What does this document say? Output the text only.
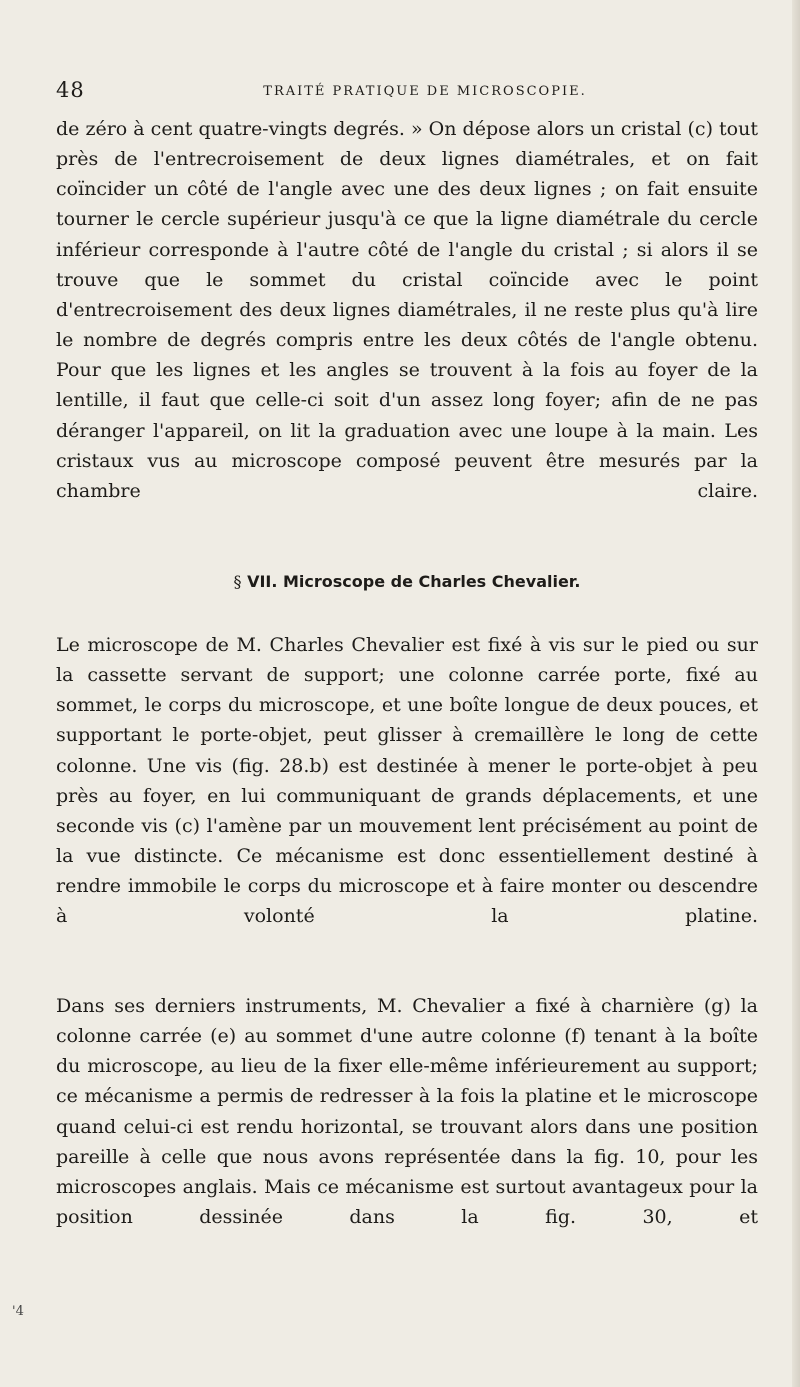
48	TRAITÉ PRATIQUE DE MICROSCOPIE.

de zéro à cent quatre-vingts degrés. » On dépose alors un cristal (c) tout près de l'entrecroisement de deux lignes diamétrales, et on fait coïncider un côté de l'angle avec une des deux lignes ; on fait ensuite tourner le cercle supérieur jusqu'à ce que la ligne diamétrale du cercle inférieur corresponde à l'autre côté de l'angle du cristal ; si alors il se trouve que le sommet du cristal coïncide avec le point d'entrecroisement des deux lignes diamétrales, il ne reste plus qu'à lire le nombre de degrés compris entre les deux côtés de l'angle obtenu. Pour que les lignes et les angles se trouvent à la fois au foyer de la lentille, il faut que celle-ci soit d'un assez long foyer; afin de ne pas déranger l'appareil, on lit la graduation avec une loupe à la main. Les cristaux vus au microscope composé peuvent être mesurés par la chambre claire.

§ VII. Microscope de Charles Chevalier.

Le microscope de M. Charles Chevalier est fixé à vis sur le pied ou sur la cassette servant de support; une colonne carrée porte, fixé au sommet, le corps du microscope, et une boîte longue de deux pouces, et supportant le porte-objet, peut glisser à cremaillère le long de cette colonne. Une vis (fig. 28.b) est destinée à mener le porte-objet à peu près au foyer, en lui communiquant de grands déplacements, et une seconde vis (c) l'amène par un mouvement lent précisément au point de la vue distincte. Ce mécanisme est donc essentiellement destiné à rendre immobile le corps du microscope et à faire monter ou descendre à volonté la platine.

Dans ses derniers instruments, M. Chevalier a fixé à charnière (g) la colonne carrée (e) au sommet d'une autre colonne (f) tenant à la boîte du microscope, au lieu de la fixer elle-même inférieurement au support; ce mécanisme a permis de redresser à la fois la platine et le microscope quand celui-ci est rendu horizontal, se trouvant alors dans une position pareille à celle que nous avons représentée dans la fig. 10, pour les microscopes anglais. Mais ce mécanisme est surtout avantageux pour la position dessinée dans la fig. 30, et

'4
